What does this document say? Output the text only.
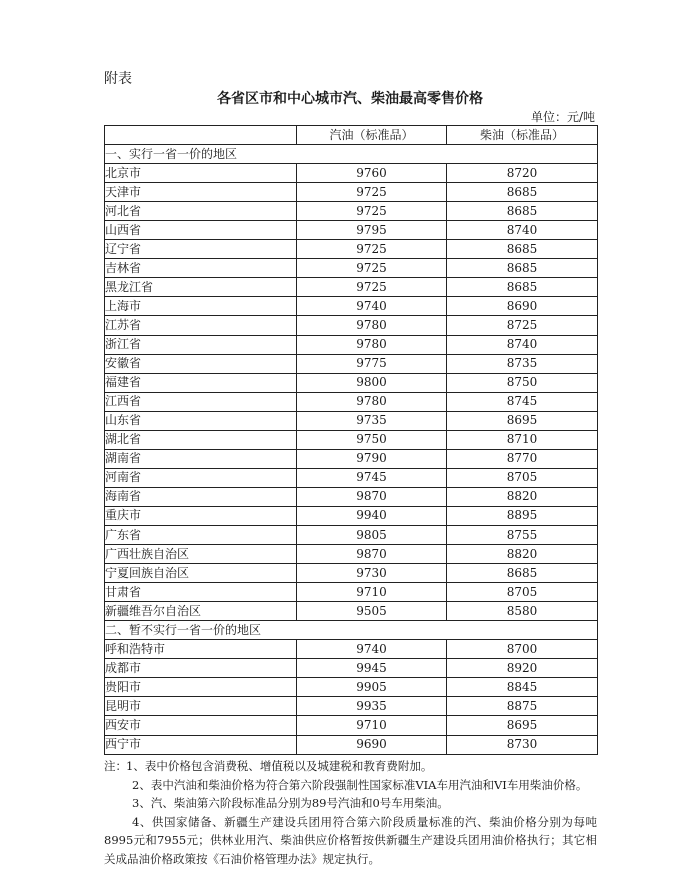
附表
各省区市和中心城市汽、柴油最高零售价格
单位：元/吨
	汽油（标准品）	柴油（标准品）
一、实行一省一价的地区		
北京市	9760	8720
天津市	9725	8685
河北省	9725	8685
山西省	9795	8740
辽宁省	9725	8685
吉林省	9725	8685
黑龙江省	9725	8685
上海市	9740	8690
江苏省	9780	8725
浙江省	9780	8740
安徽省	9775	8735
福建省	9800	8750
江西省	9780	8745
山东省	9735	8695
湖北省	9750	8710
湖南省	9790	8770
河南省	9745	8705
海南省	9870	8820
重庆市	9940	8895
广东省	9805	8755
广西壮族自治区	9870	8820
宁夏回族自治区	9730	8685
甘肃省	9710	8705
新疆维吾尔自治区	9505	8580
二、暂不实行一省一价的地区		
呼和浩特市	9740	8700
成都市	9945	8920
贵阳市	9905	8845
昆明市	9935	8875
西安市	9710	8695
西宁市	9690	8730
注： 1、表中价格包含消费税、增值税以及城建税和教育费附加。

2、表中汽油和柴油价格为符合第六阶段强制性国家标准VIA车用汽油和VI车用柴油价格。

3、汽、柴油第六阶段标准品分别为89号汽油和0号车用柴油。

4、供国家储备、新疆生产建设兵团用符合第六阶段质量标准的汽、柴油价格分别为每吨8995元和7955元；供林业用汽、柴油供应价格暂按供新疆生产建设兵团用油价格执行；其它相关成品油价格政策按《石油价格管理办法》规定执行。
